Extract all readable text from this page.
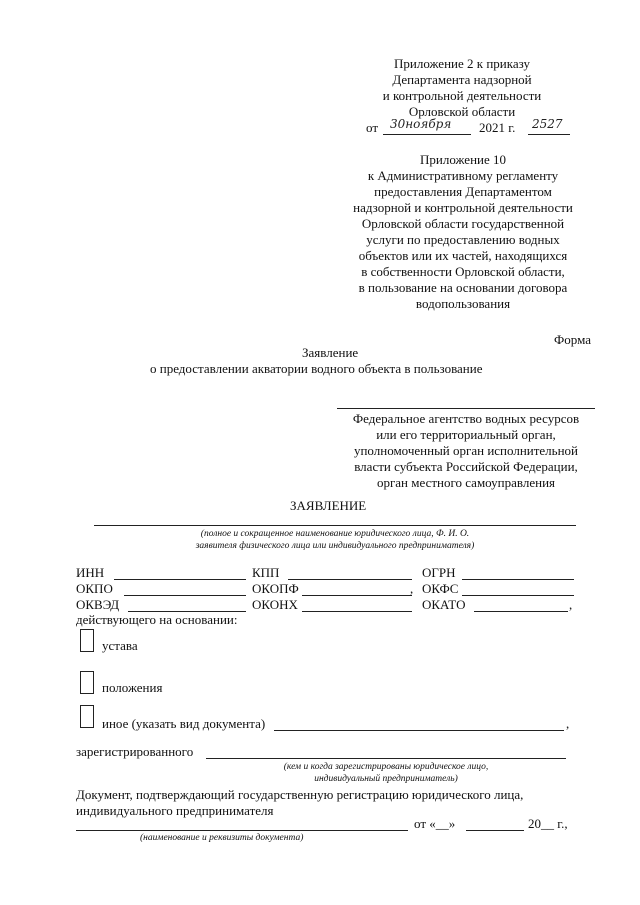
Приложение 2 к приказу
Департамента надзорной
и контрольной деятельности
Орловской области
от 30ноября 2021 г. 2527
Приложение 10
к Административному регламенту
предоставления Департаментом
надзорной и контрольной деятельности
Орловской области государственной
услуги по предоставлению водных
объектов или их частей, находящихся
в собственности Орловской области,
в пользование на основании договора
водопользования
Форма
Заявление
о предоставлении акватории водного объекта в пользование
Федеральное агентство водных ресурсов
или его территориальный орган,
уполномоченный орган исполнительной
власти субъекта Российской Федерации,
орган местного самоуправления
ЗАЯВЛЕНИЕ
(полное и сокращенное наименование юридического лица, Ф. И. О.
заявителя физического лица или индивидуального предпринимателя)
ИНН	КПП	ОГРН
ОКПО	ОКОПФ	, ОКФС
ОКВЭД	ОКОНХ	ОКАТО	,
действующего на основании:
устава
положения
иное (указать вид документа)	,
зарегистрированного
(кем и когда зарегистрированы юридическое лицо,
индивидуальный предприниматель)
Документ, подтверждающий государственную регистрацию юридического лица,
индивидуального предпринимателя
от «__»	20__ г.,
(наименование и реквизиты документа)
